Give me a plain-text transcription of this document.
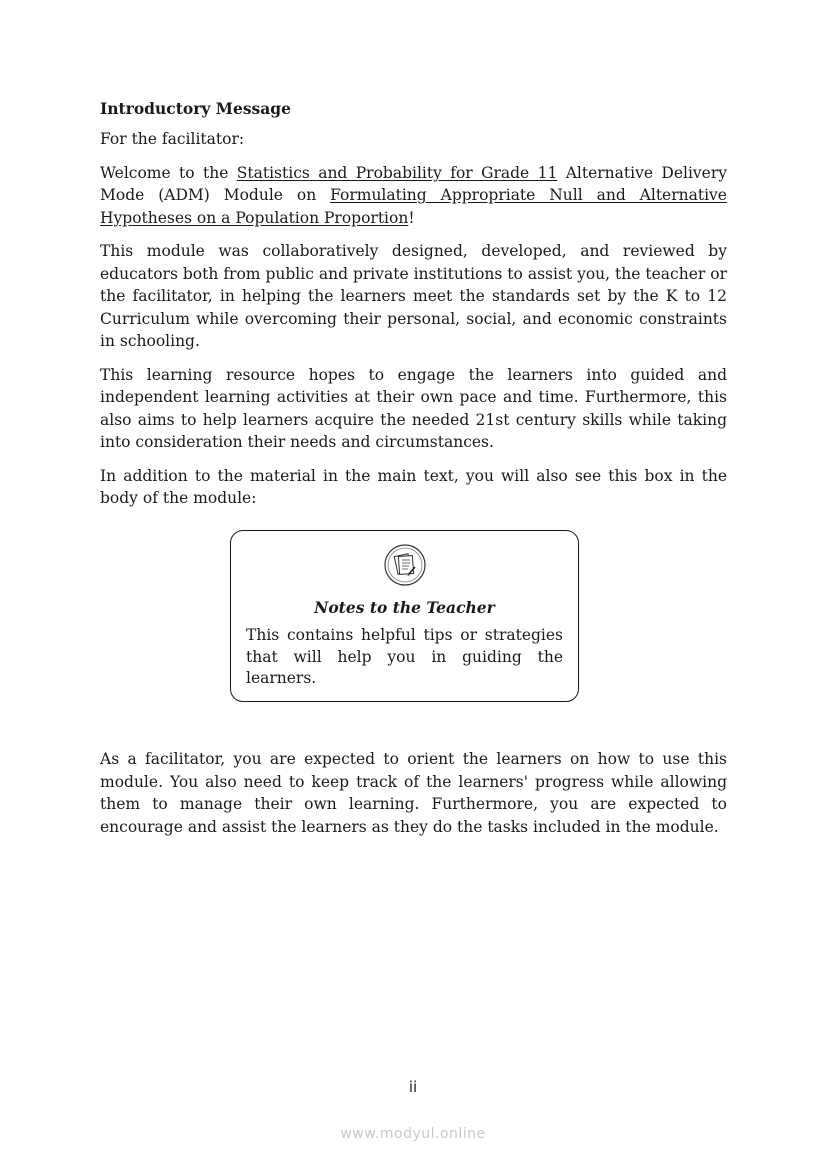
Introductory Message

For the facilitator:

Welcome to the Statistics and Probability for Grade 11 Alternative Delivery Mode (ADM) Module on Formulating Appropriate Null and Alternative Hypotheses on a Population Proportion!

This module was collaboratively designed, developed, and reviewed by educators both from public and private institutions to assist you, the teacher or the facilitator, in helping the learners meet the standards set by the K to 12 Curriculum while overcoming their personal, social, and economic constraints in schooling.

This learning resource hopes to engage the learners into guided and independent learning activities at their own pace and time. Furthermore, this also aims to help learners acquire the needed 21st century skills while taking into consideration their needs and circumstances.

In addition to the material in the main text, you will also see this box in the body of the module:

Notes to the Teacher

This contains helpful tips or strategies that will help you in guiding the learners.

As a facilitator, you are expected to orient the learners on how to use this module. You also need to keep track of the learners' progress while allowing them to manage their own learning. Furthermore, you are expected to encourage and assist the learners as they do the tasks included in the module.

ii
www.modyul.online
